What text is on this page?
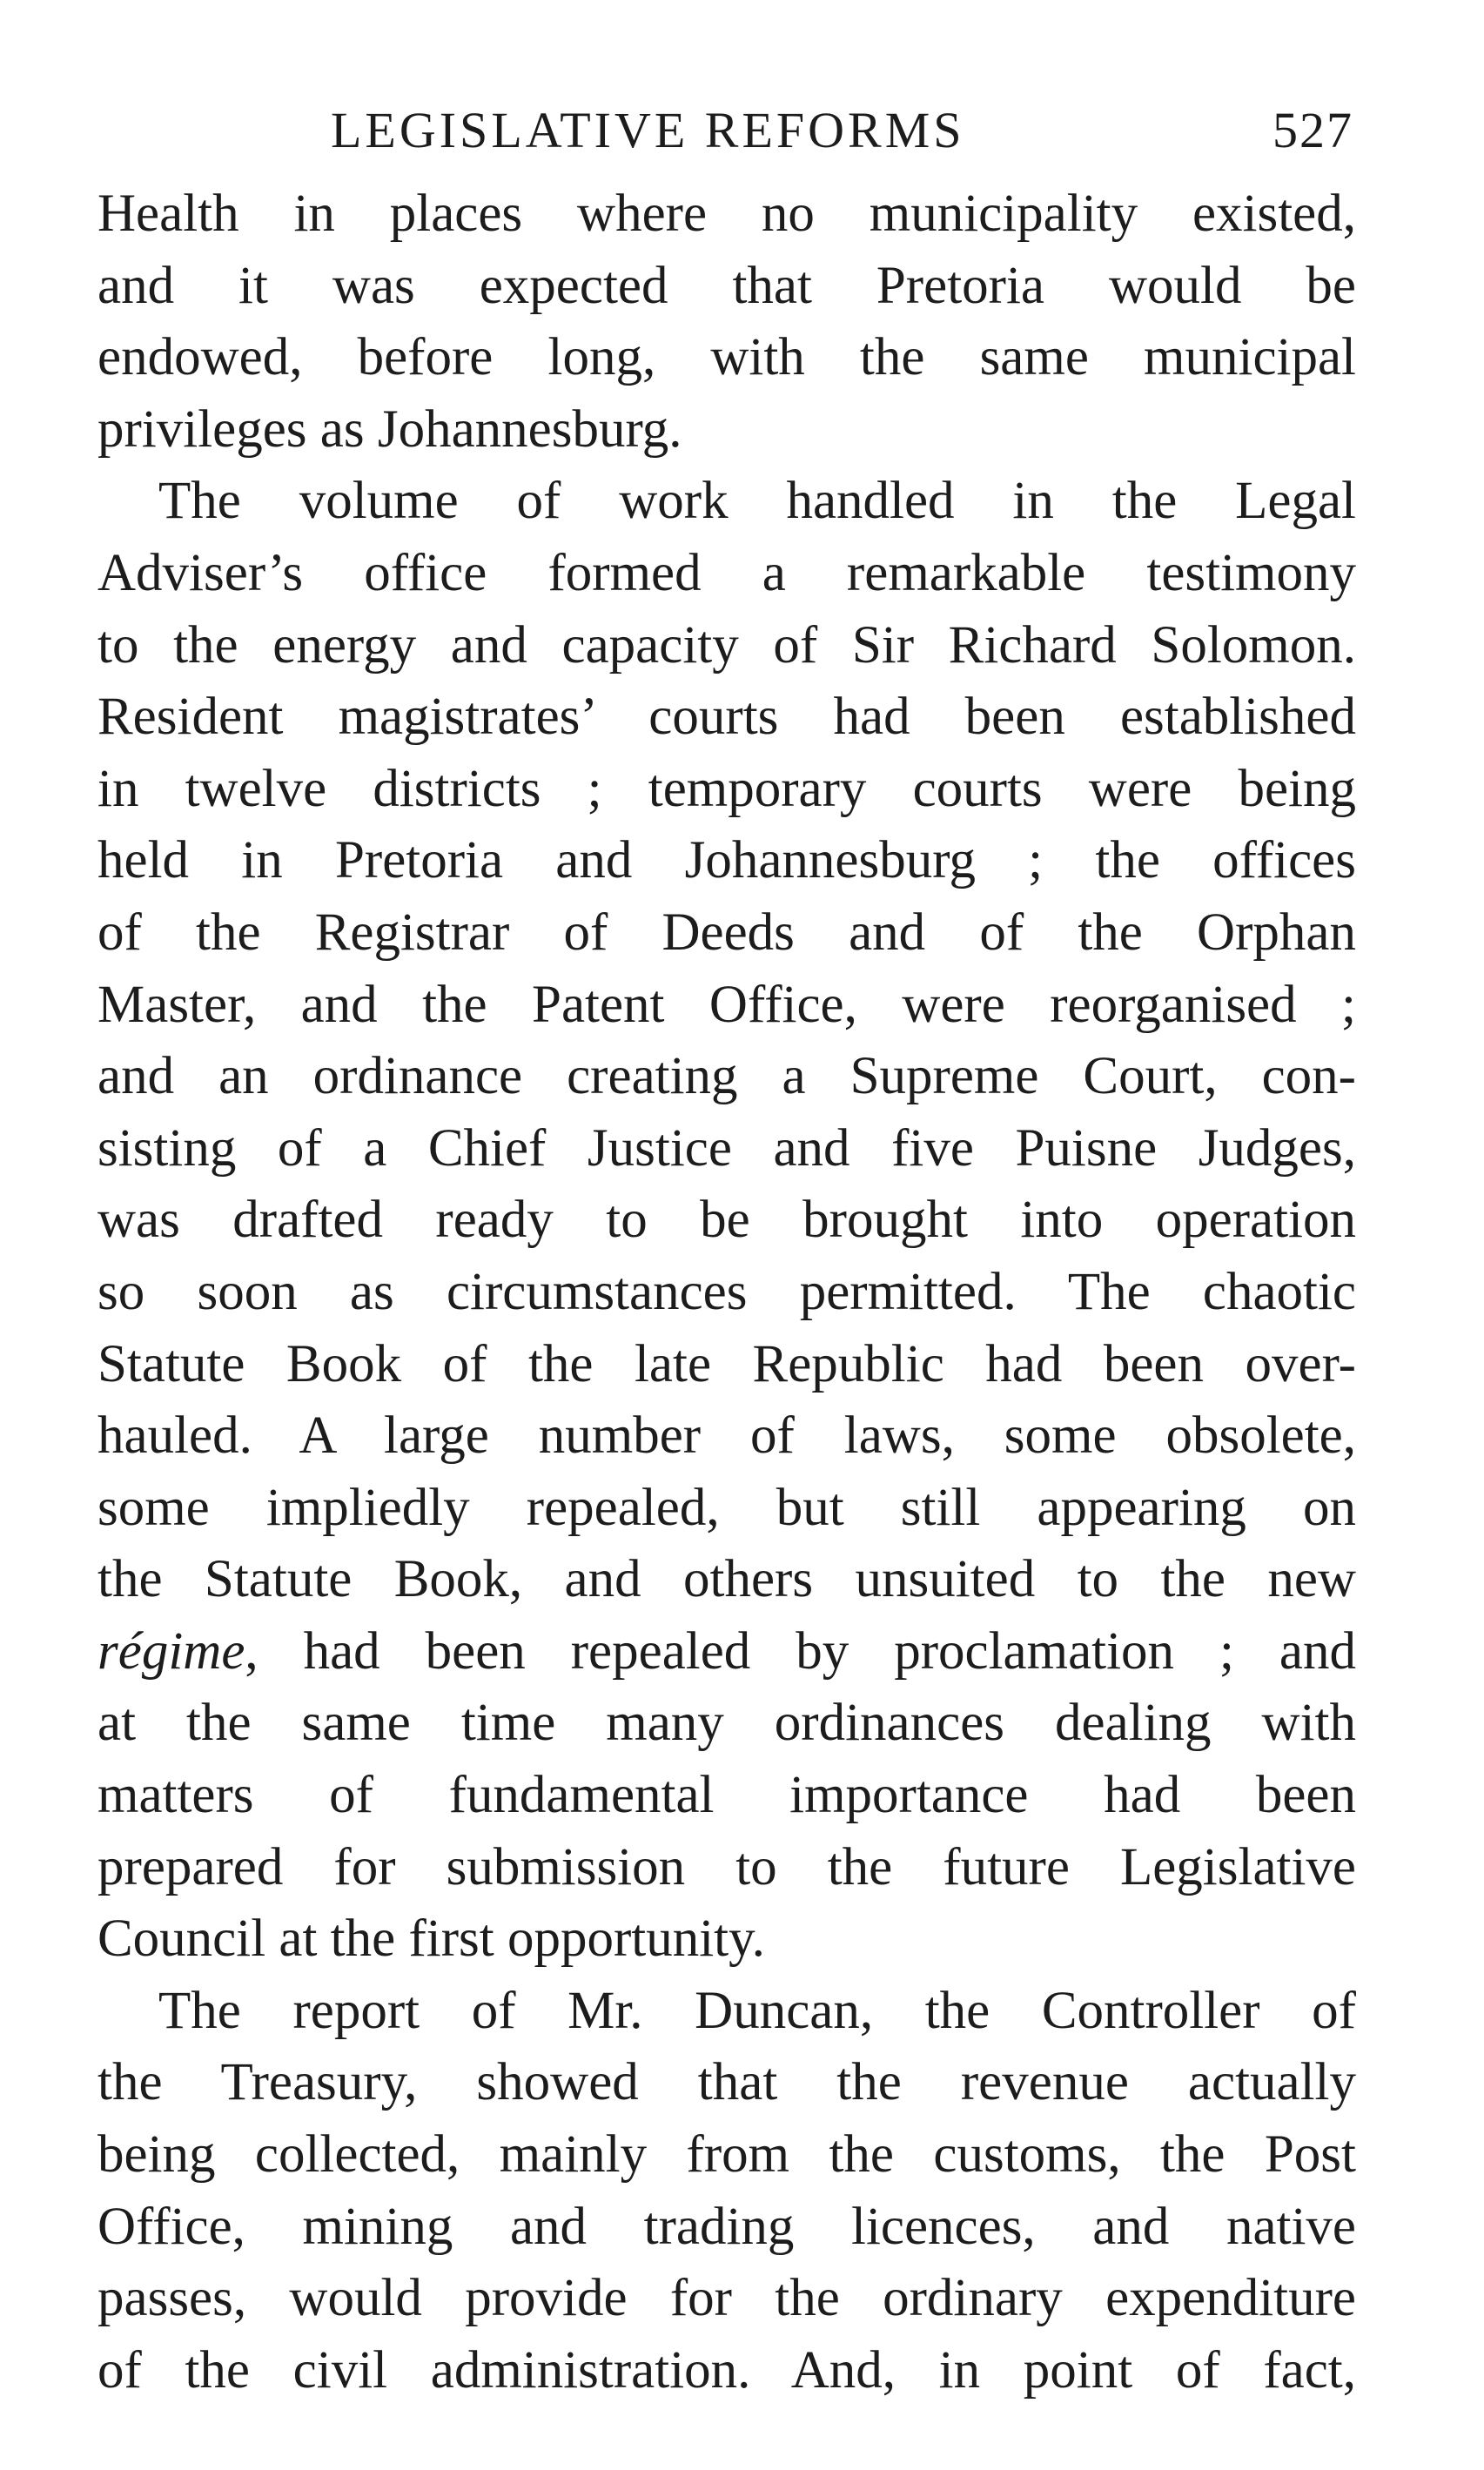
LEGISLATIVE REFORMS	527
Health in places where no municipality existed,
and it was expected that Pretoria would be
endowed, before long, with the same municipal
privileges as Johannesburg.
The volume of work handled in the Legal
Adviser’s office formed a remarkable testimony
to the energy and capacity of Sir Richard Solomon.
Resident magistrates’ courts had been established
in twelve districts ; temporary courts were being
held in Pretoria and Johannesburg ; the offices
of the Registrar of Deeds and of the Orphan
Master, and the Patent Office, were reorganised ;
and an ordinance creating a Supreme Court, con-
sisting of a Chief Justice and five Puisne Judges,
was drafted ready to be brought into operation
so soon as circumstances permitted. The chaotic
Statute Book of the late Republic had been over-
hauled. A large number of laws, some obsolete,
some impliedly repealed, but still appearing on
the Statute Book, and others unsuited to the new
régime, had been repealed by proclamation ; and
at the same time many ordinances dealing with
matters of fundamental importance had been
prepared for submission to the future Legislative
Council at the first opportunity.
The report of Mr. Duncan, the Controller of
the Treasury, showed that the revenue actually
being collected, mainly from the customs, the Post
Office, mining and trading licences, and native
passes, would provide for the ordinary expenditure
of the civil administration. And, in point of fact,
